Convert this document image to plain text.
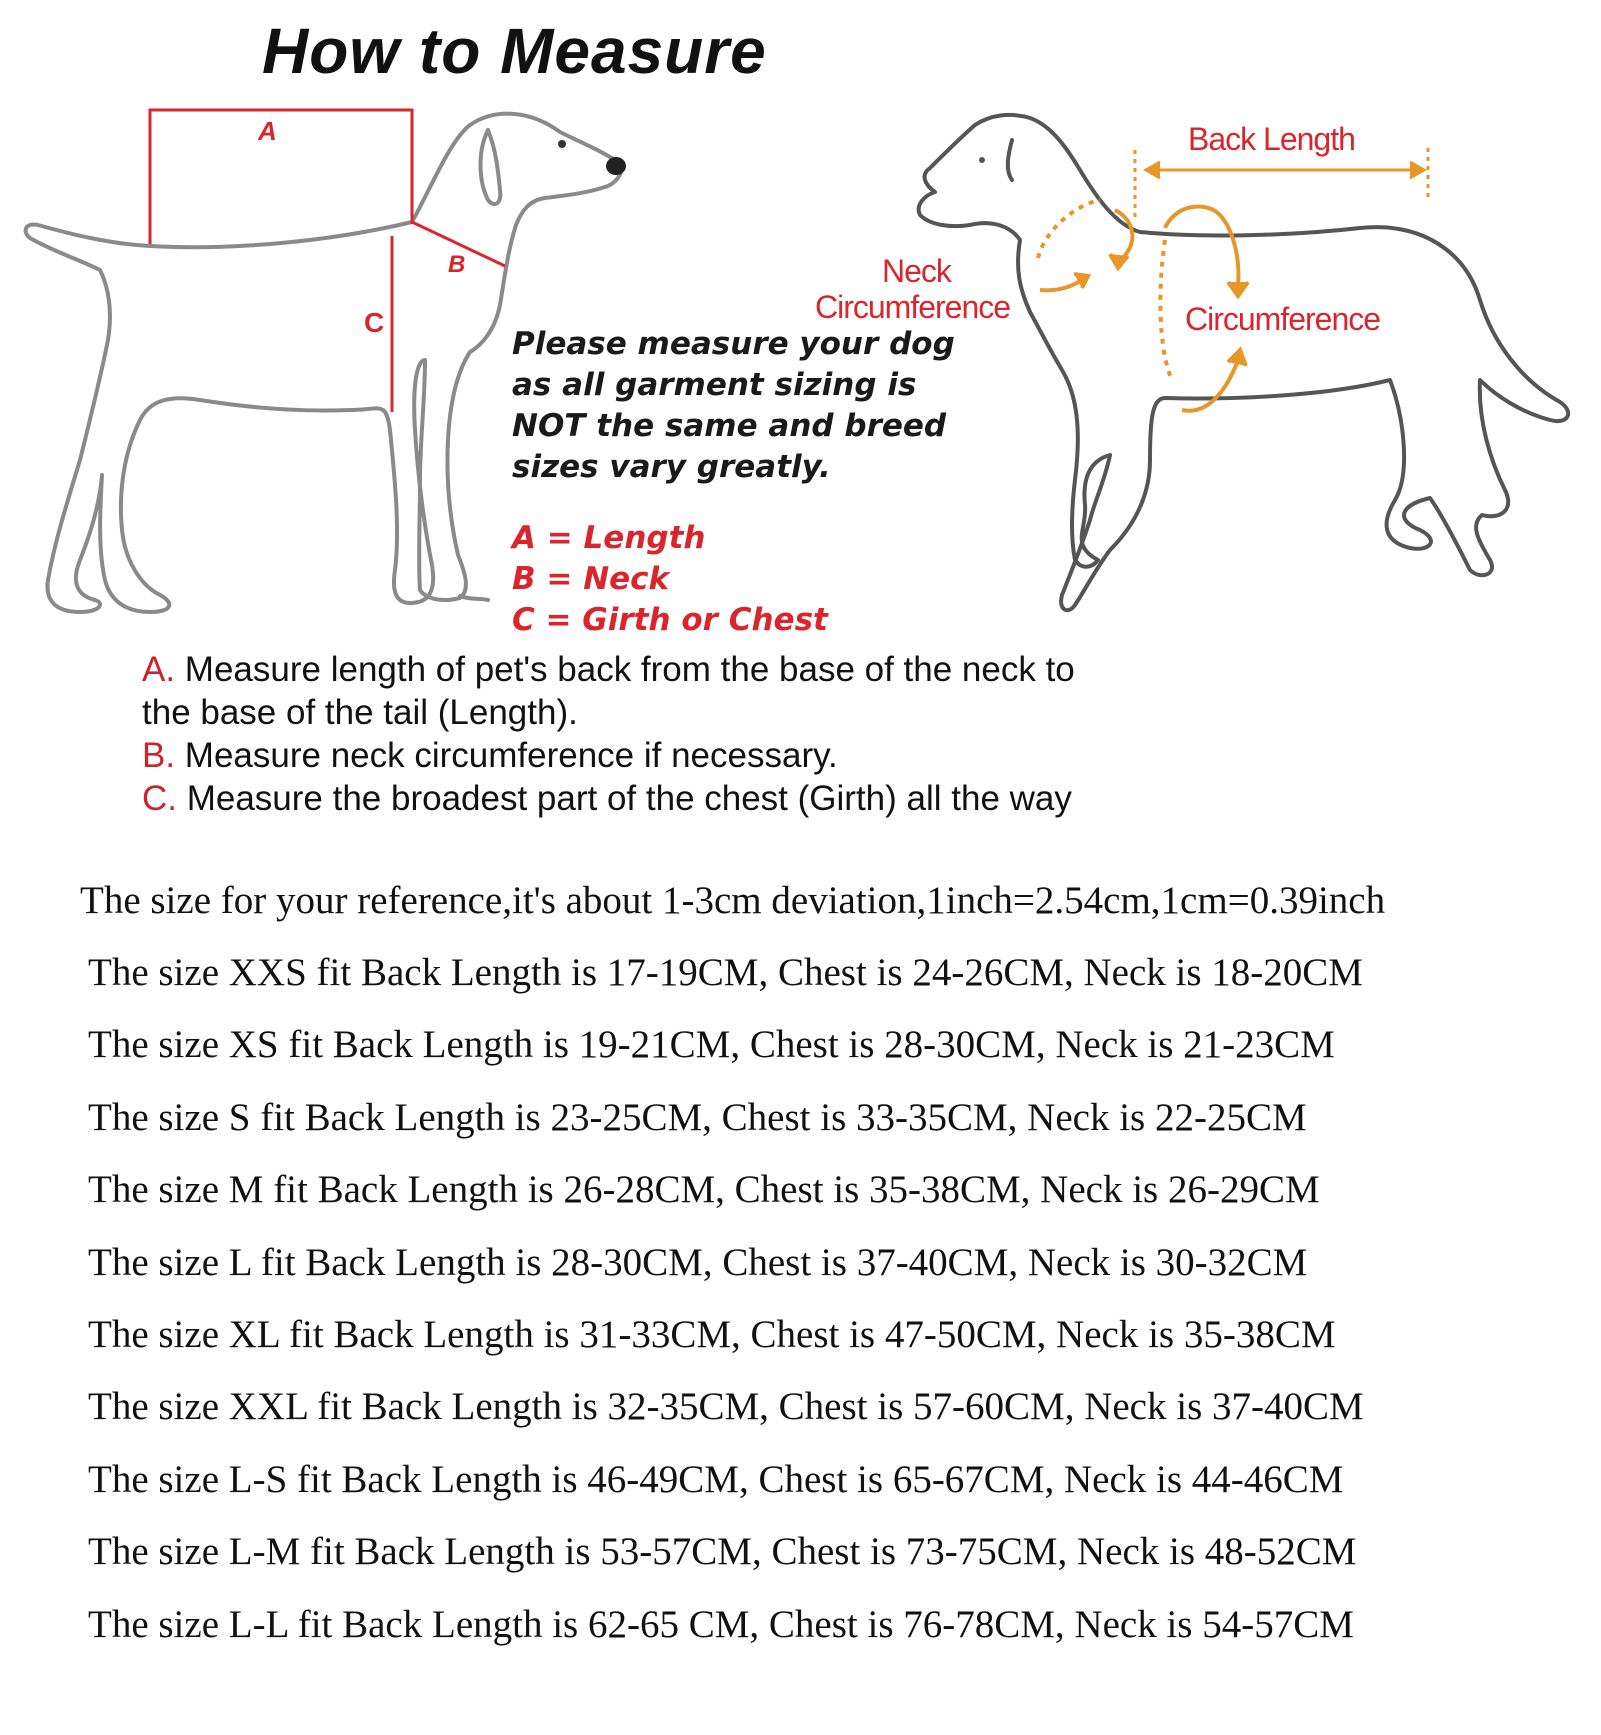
How to Measure
A
B
C
Back Length
Neck
Circumference	Circumference
Please measure your dog
as all garment sizing is
NOT the same and breed
sizes vary greatly.
A = Length
B = Neck
C = Girth or Chest
A. Measure length of pet's back from the base of the neck to
the base of the tail (Length).
B. Measure neck circumference if necessary.
C. Measure the broadest part of the chest (Girth) all the way
The size for your reference,it's about 1-3cm deviation,1inch=2.54cm,1cm=0.39inch
The size XXS fit Back Length is 17-19CM, Chest is 24-26CM, Neck is 18-20CM
The size XS fit Back Length is 19-21CM, Chest is 28-30CM, Neck is 21-23CM
The size S fit Back Length is 23-25CM, Chest is 33-35CM, Neck is 22-25CM
The size M fit Back Length is 26-28CM, Chest is 35-38CM, Neck is 26-29CM
The size L fit Back Length is 28-30CM, Chest is 37-40CM, Neck is 30-32CM
The size XL fit Back Length is 31-33CM, Chest is 47-50CM, Neck is 35-38CM
The size XXL fit Back Length is 32-35CM, Chest is 57-60CM, Neck is 37-40CM
The size L-S fit Back Length is 46-49CM, Chest is 65-67CM, Neck is 44-46CM
The size L-M fit Back Length is 53-57CM, Chest is 73-75CM, Neck is 48-52CM
The size L-L fit Back Length is 62-65 CM, Chest is 76-78CM, Neck is 54-57CM
